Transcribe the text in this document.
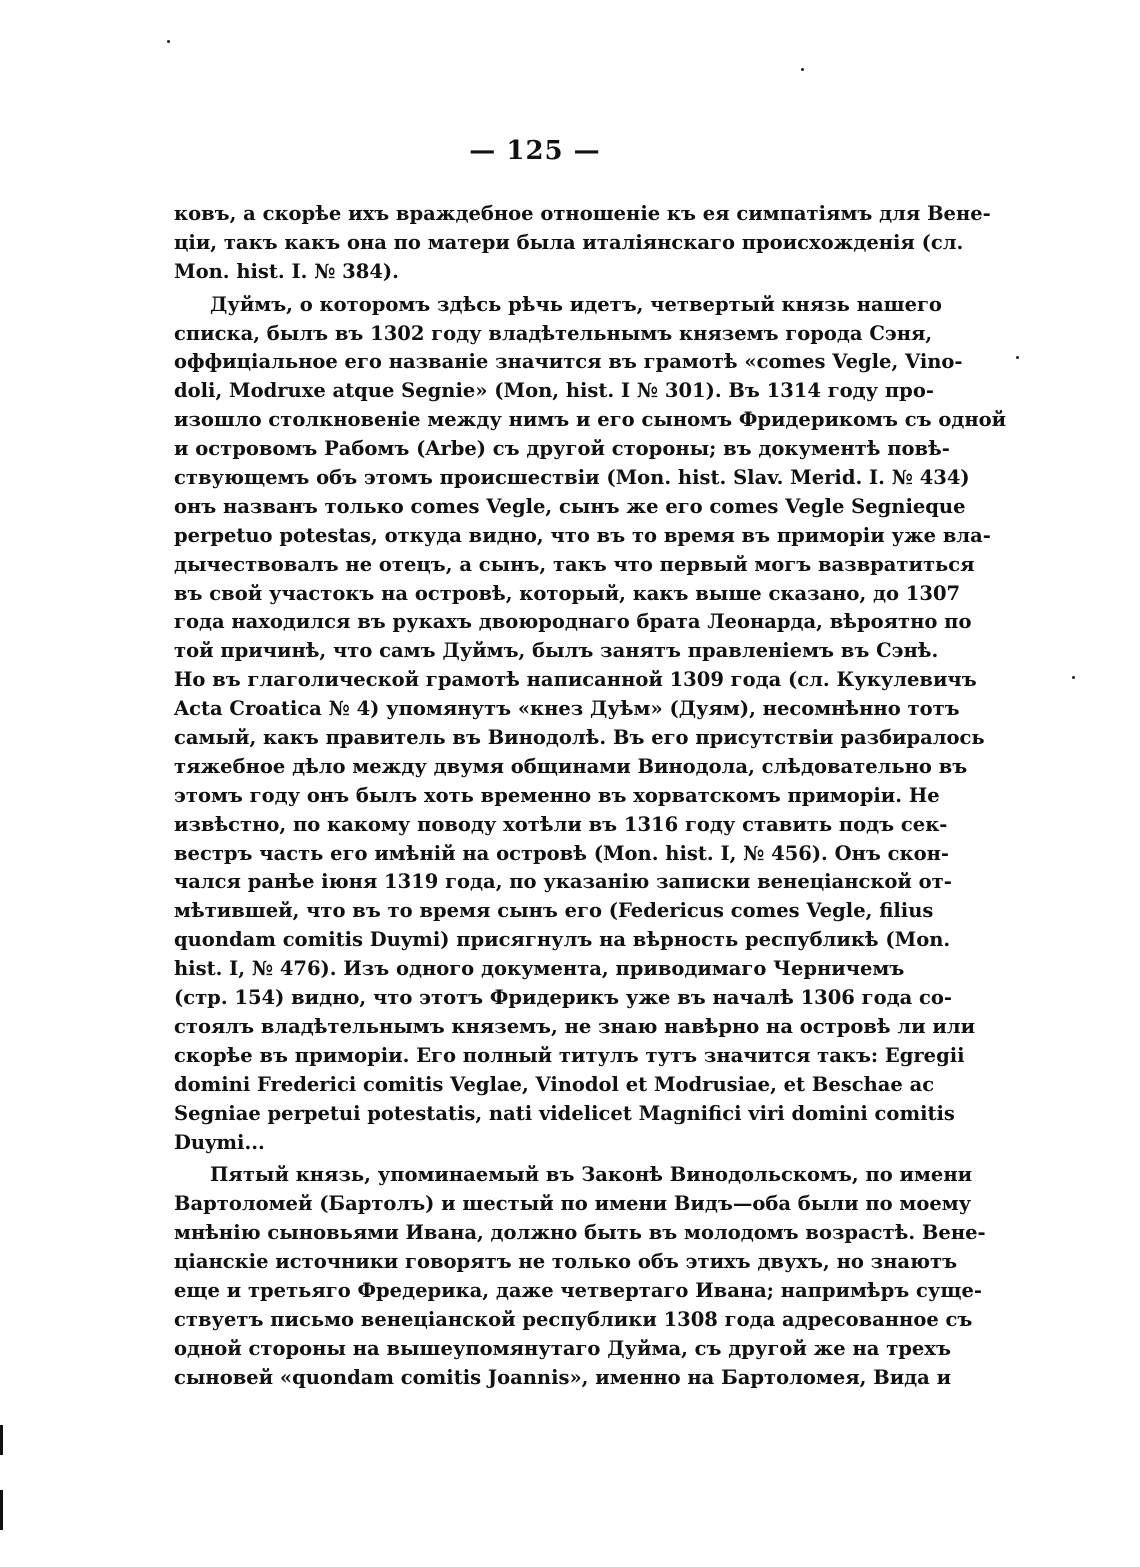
— 125 —
ковъ, а скорѣе ихъ враждебное отношеніе къ ея симпатіямъ для Вене-
ціи, такъ какъ она по матери была италіянскаго происхожденія (сл.
Mon. hist. I. № 384).
Дуймъ, о которомъ здѣсь рѣчь идетъ, четвертый князь нашего
списка, былъ въ 1302 году владѣтельнымъ княземъ города Сэня,
оффиціальное его названіе значится въ грамотѣ «comes Vegle, Vino-
doli, Modruxe atque Segnie» (Mon, hist. I № 301). Въ 1314 году про-
изошло столкновеніе между нимъ и его сыномъ Фридерикомъ съ одной
и островомъ Рабомъ (Arbe) съ другой стороны; въ документѣ повѣ-
ствующемъ объ этомъ происшествіи (Mon. hist. Slav. Merid. I. № 434)
онъ названъ только comes Vegle, сынъ же его comes Vegle Segnieque
perpetuo potestas, откуда видно, что въ то время въ приморіи уже вла-
дычествовалъ не отецъ, а сынъ, такъ что первый могъ вазвратиться
въ свой участокъ на островѣ, который, какъ выше сказано, до 1307
года находился въ рукахъ двоюроднаго брата Леонарда, вѣроятно по
той причинѣ, что самъ Дуймъ, былъ занятъ правленіемъ въ Сэнѣ.
Но въ глаголической грамотѣ написанной 1309 года (сл. Кукулевичъ
Acta Croatica № 4) упомянутъ «кнез Дуѣм» (Дуям), несомнѣнно тотъ
самый, какъ правитель въ Винодолѣ. Въ его присутствіи разбиралось
тяжебное дѣло между двумя общинами Винодола, слѣдовательно въ
этомъ году онъ былъ хоть временно въ хорватскомъ приморіи. Не
извѣстно, по какому поводу хотѣли въ 1316 году ставить подъ сек-
вестръ часть его имѣній на островѣ (Mon. hist. I, № 456). Онъ скон-
чался ранѣе іюня 1319 года, по указанію записки венеціанской от-
мѣтившей, что въ то время сынъ его (Federicus comes Vegle, filius
quondam comitis Duymi) присягнулъ на вѣрность республикѣ (Mon.
hist. I, № 476). Изъ одного документа, приводимаго Черничемъ
(стр. 154) видно, что этотъ Фридерикъ уже въ началѣ 1306 года со-
стоялъ владѣтельнымъ княземъ, не знаю навѣрно на островѣ ли или
скорѣе въ приморіи. Его полный титулъ тутъ значится такъ: Egregii
domini Frederici comitis Veglae, Vinodol et Modrusiae, et Beschae ac
Segniae perpetui potestatis, nati videlicet Magnifici viri domini comitis
Duymi...
Пятый князь, упоминаемый въ Законѣ Винодольскомъ, по имени
Вартоломей (Бартолъ) и шестый по имени Видъ—оба были по моему
мнѣнію сыновьями Ивана, должно быть въ молодомъ возрастѣ. Вене-
ціанскіе источники говорятъ не только объ этихъ двухъ, но знаютъ
еще и третьяго Фредерика, даже четвертаго Ивана; напримѣръ суще-
ствуетъ письмо венеціанской республики 1308 года адресованное съ
одной стороны на вышеупомянутаго Дуйма, съ другой же на трехъ
сыновей «quondam comitis Joannis», именно на Бартоломея, Вида и
